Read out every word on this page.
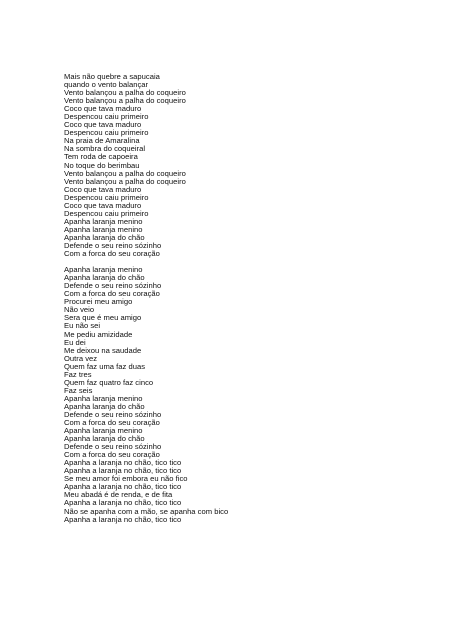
Mais não quebre a sapucaia
quando o vento balançar
Vento balançou a palha do coqueiro
Vento balançou a palha do coqueiro
Coco que tava maduro
Despencou caiu primeiro
Coco que tava maduro
Despencou caiu primeiro
Na praia de Amaralina
Na sombra do coqueiral
Tem roda de capoeira
No toque do berimbau
Vento balançou a palha do coqueiro
Vento balançou a palha do coqueiro
Coco que tava maduro
Despencou caiu primeiro
Coco que tava maduro
Despencou caiu primeiro
Apanha laranja menino
Apanha laranja menino
Apanha laranja do chão
Defende o seu reino sózinho
Com a forca do seu coração
Apanha laranja menino
Apanha laranja do chão
Defende o seu reino sózinho
Com a forca do seu coração
Procurei meu amigo
Não veio
Sera que é meu amigo
Eu não sei
Me pediu amizidade
Eu dei
Me deixou na saudade
Outra vez
Quem faz uma faz duas
Faz tres
Quem faz quatro faz cinco
Faz seis
Apanha laranja menino
Apanha laranja do chão
Defende o seu reino sózinho
Com a forca do seu coração
Apanha laranja menino
Apanha laranja do chão
Defende o seu reino sózinho
Com a forca do seu coração
Apanha a laranja no chão, tico tico
Apanha a laranja no chão, tico tico
Se meu amor foi embora eu não fico
Apanha a laranja no chão, tico tico
Meu abadá é de renda, e de fita
Apanha a laranja no chão, tico tico
Não se apanha com a mão, se apanha com bico
Apanha a laranja no chão, tico tico
